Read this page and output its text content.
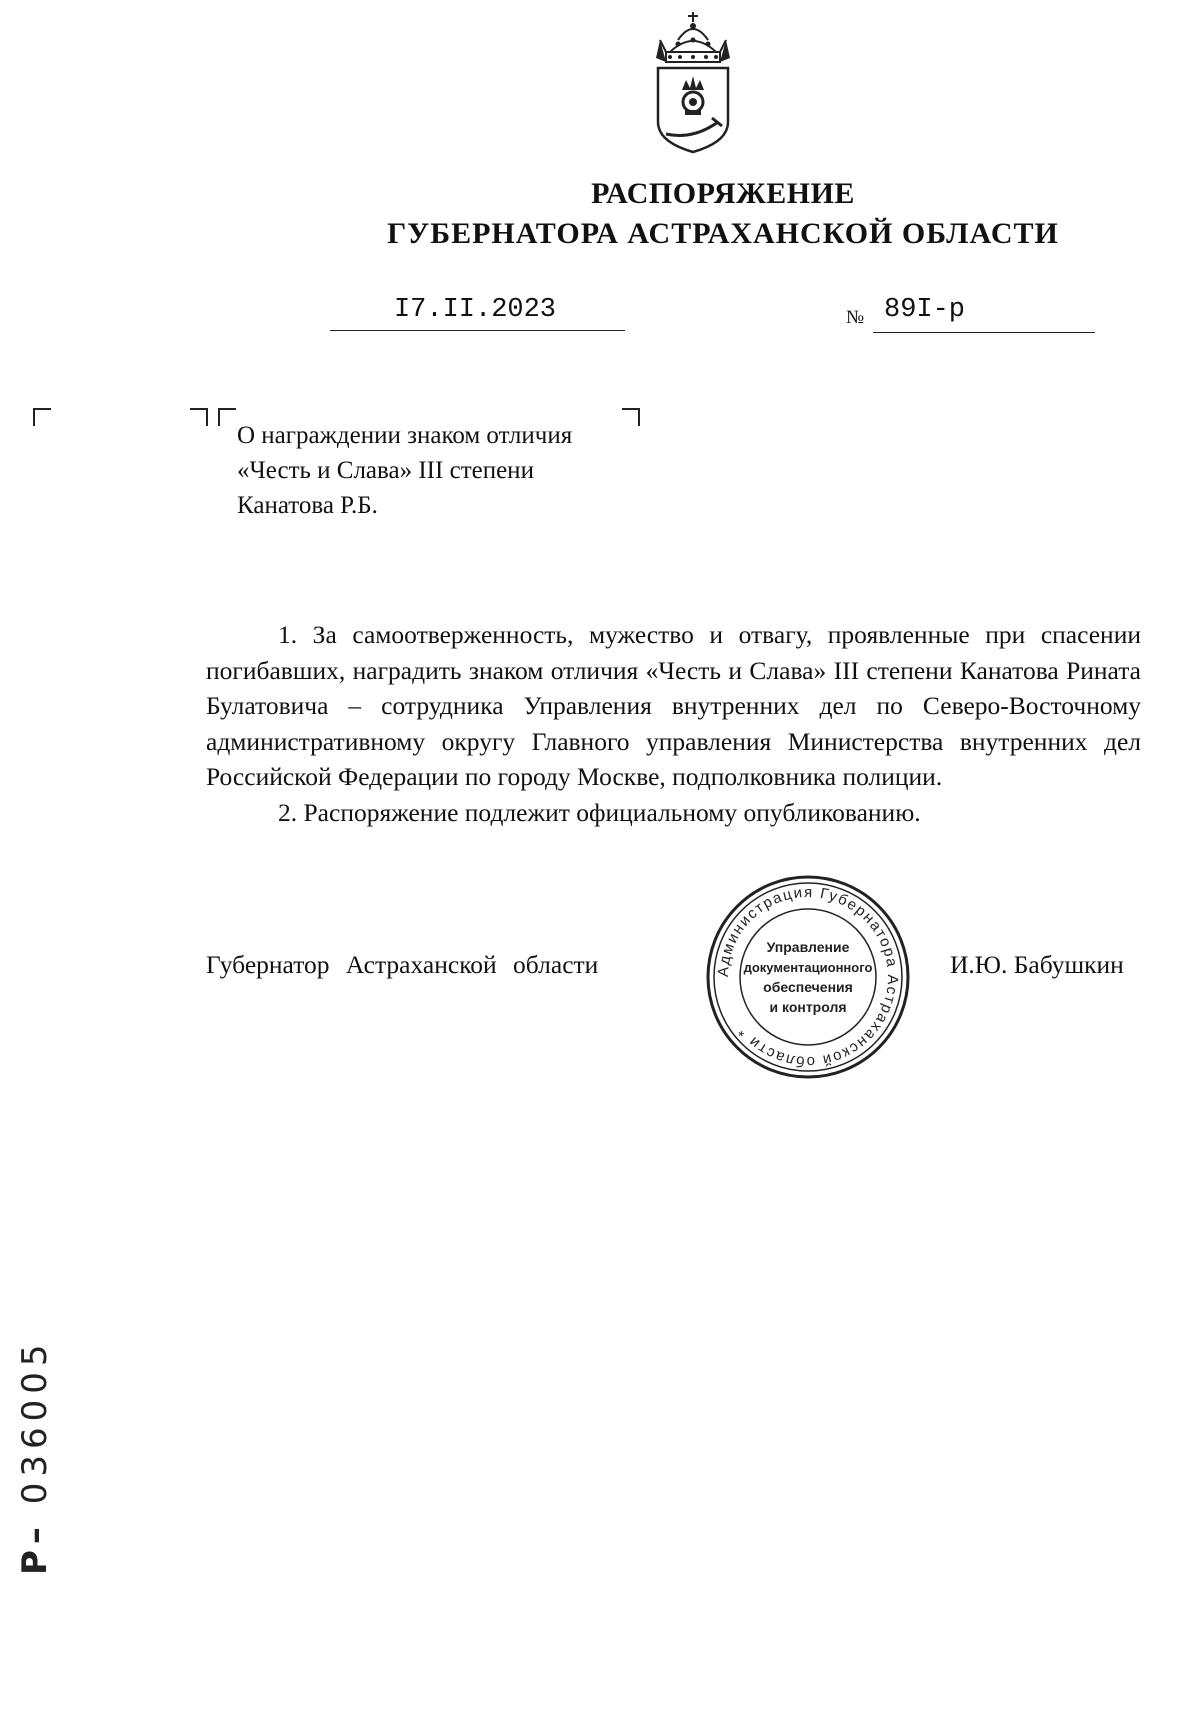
РАСПОРЯЖЕНИЕ
ГУБЕРНАТОРА АСТРАХАНСКОЙ ОБЛАСТИ
I7.II.2023	№ 89I-р
О награждении знаком отличия
«Честь и Слава» III степени
Канатова Р.Б.

1. За самоотверженность, мужество и отвагу, проявленные при спасении погибавших, наградить знаком отличия «Честь и Слава» III степени Канатова Рината Булатовича – сотрудника Управления внутренних дел по Северо-Восточному административному округу Главного управления Министерства внутренних дел Российской Федерации по городу Москве, подполковника полиции.

2. Распоряжение подлежит официальному опубликованию.

Губернатор Астраханской области	И.Ю. Бабушкин
Администрация Губернатора Астраханской области *
Управление
документационного
обеспечения
и контроля
Р– 036005
